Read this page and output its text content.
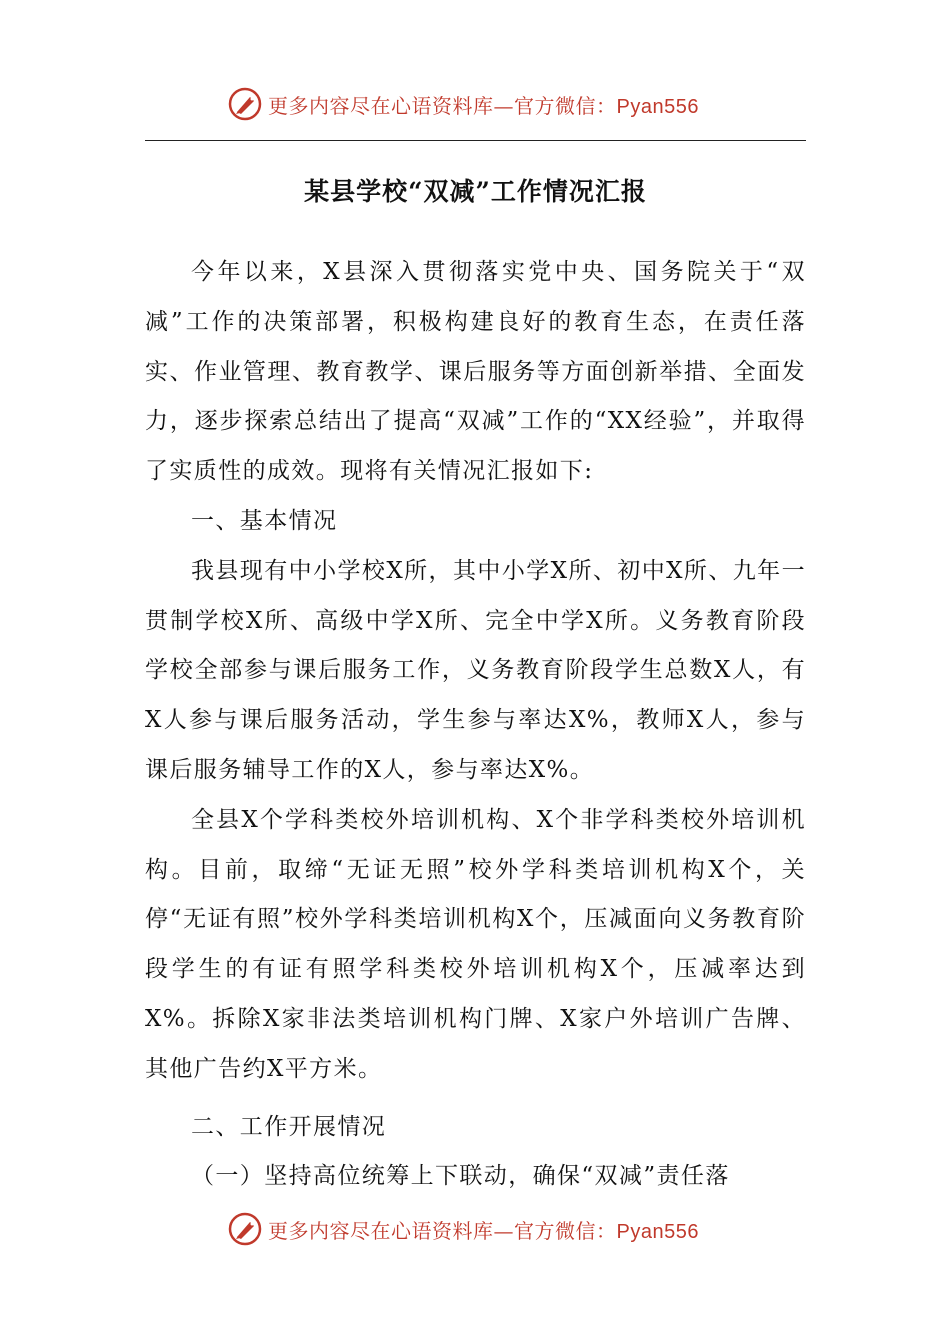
更多内容尽在心语资料库—官方微信：Pyan556
某县学校“双减”工作情况汇报

今年以来，X县深入贯彻落实党中央、国务院关于“双减”工作的决策部署，积极构建良好的教育生态，在责任落实、作业管理、教育教学、课后服务等方面创新举措、全面发力，逐步探索总结出了提高“双减”工作的“XX经验”，并取得了实质性的成效。现将有关情况汇报如下:

一、基本情况

我县现有中小学校X所，其中小学X所、初中X所、九年一贯制学校X所、高级中学X所、完全中学X所。义务教育阶段学校全部参与课后服务工作，义务教育阶段学生总数X人，有X人参与课后服务活动，学生参与率达X%，教师X人，参与课后服务辅导工作的X人，参与率达X%。

全县X个学科类校外培训机构、X个非学科类校外培训机构。目前，取缔“无证无照”校外学科类培训机构X个，关停“无证有照”校外学科类培训机构X个，压减面向义务教育阶段学生的有证有照学科类校外培训机构X个，压减率达到X%。拆除X家非法类培训机构门牌、X家户外培训广告牌、其他广告约X平方米。

二、工作开展情况

（一）坚持高位统筹上下联动，确保“双减”责任落

更多内容尽在心语资料库—官方微信：Pyan556
